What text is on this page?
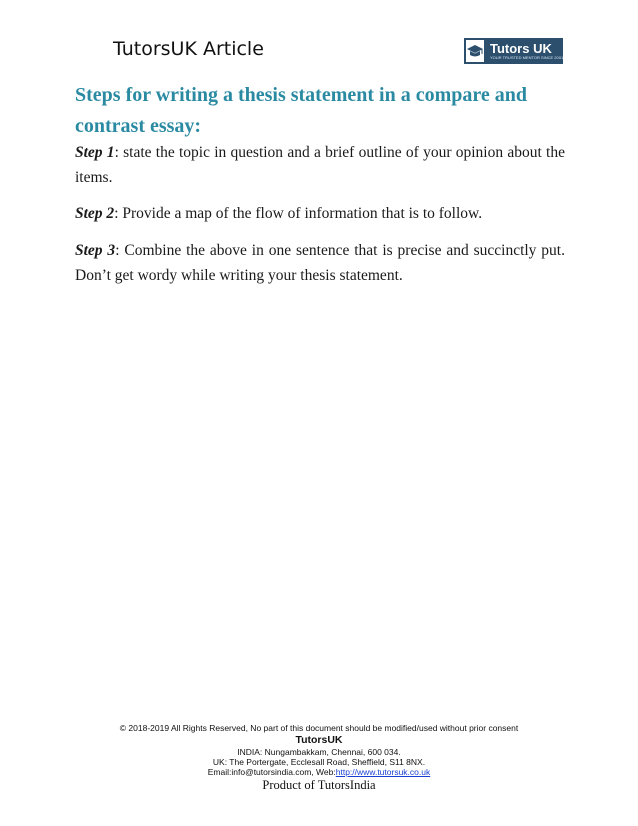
TutorsUK Article	Tutors UK
YOUR TRUSTED MENTOR SINCE 2001
Steps for writing a thesis statement in a compare and contrast essay:

Step 1: state the topic in question and a brief outline of your opinion about the items.

Step 2: Provide a map of the flow of information that is to follow.

Step 3: Combine the above in one sentence that is precise and succinctly put. Don’t get wordy while writing your thesis statement.

© 2018-2019 All Rights Reserved, No part of this document should be modified/used without prior consent
TutorsUK
INDIA: Nungambakkam, Chennai, 600 034.
UK: The Portergate, Ecclesall Road, Sheffield, S11 8NX.
Email:info@tutorsindia.com, Web:http://www.tutorsuk.co.uk
Product of TutorsIndia
